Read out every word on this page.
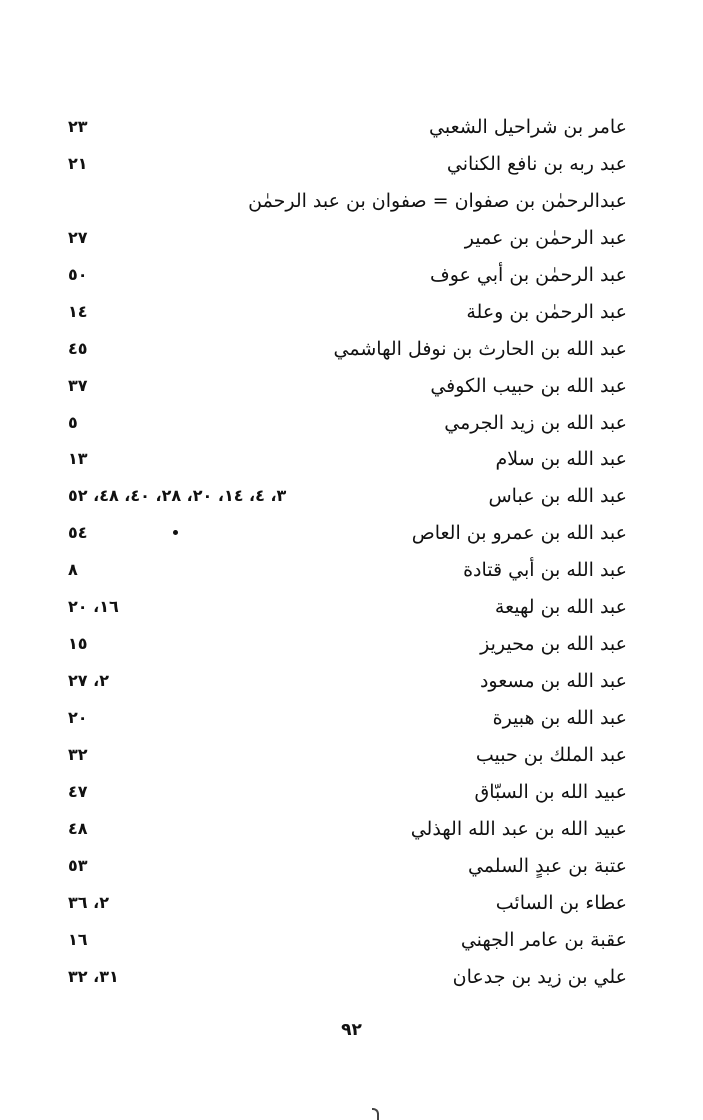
عامر بن شراحيل الشعبي
٢٣
عبد ربه بن نافع الكناني
٢١
عبدالرحمٰن بن صفوان = صفوان بن عبد الرحمٰن
عبد الرحمٰن بن عمير
٢٧
عبد الرحمٰن بن أبي عوف
٥٠
عبد الرحمٰن بن وعلة
١٤
عبد الله بن الحارث بن نوفل الهاشمي
٤٥
عبد الله بن حبيب الكوفي
٣٧
عبد الله بن زيد الجرمي
٥
عبد الله بن سلام
١٣
عبد الله بن عباس
٣، ٤، ١٤، ٢٠، ٢٨، ٤٠، ٤٨، ٥٢
عبد الله بن عمرو بن العاص
٥٤
عبد الله بن أبي قتادة
٨
عبد الله بن لهيعة
١٦، ٢٠
عبد الله بن محيريز
١٥
عبد الله بن مسعود
٢، ٢٧
عبد الله بن هبيرة
٢٠
عبد الملك بن حبيب
٣٢
عبيد الله بن السبّاق
٤٧
عبيد الله بن عبد الله الهذلي
٤٨
عتبة بن عبدٍ السلمي
٥٣
عطاء بن السائب
٢، ٣٦
عقبة بن عامر الجهني
١٦
علي بن زيد بن جدعان
٣١، ٣٢
٩٢
